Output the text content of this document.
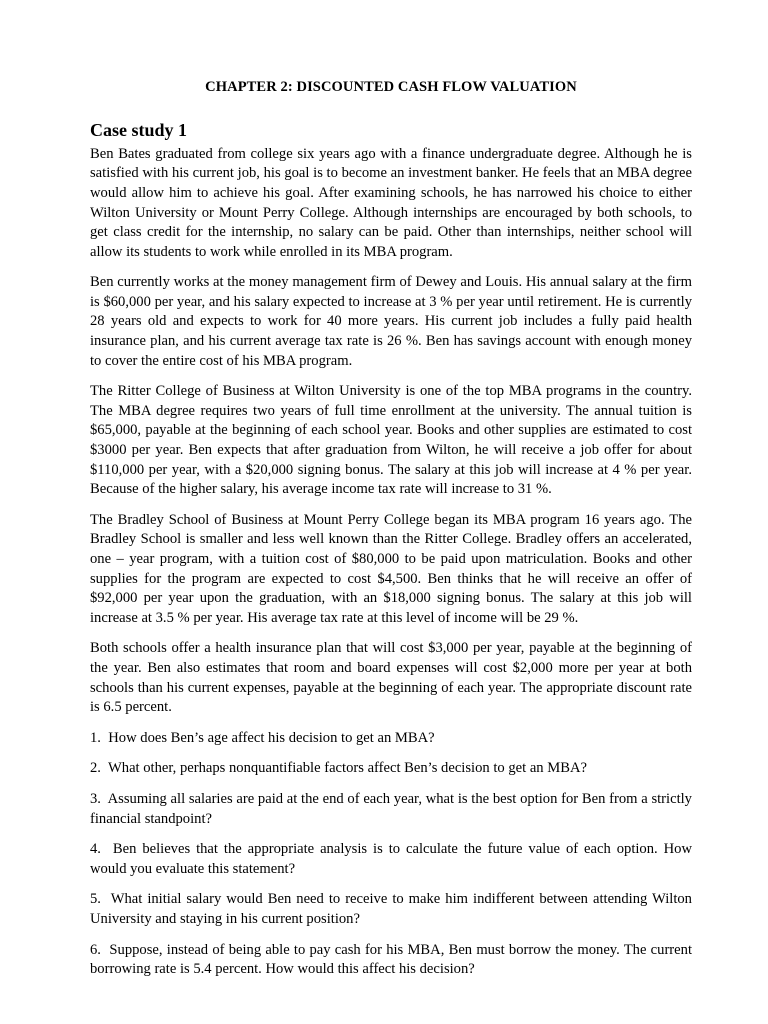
CHAPTER 2: DISCOUNTED CASH FLOW VALUATION
Case study 1

Ben Bates graduated from college six years ago with a finance undergraduate degree. Although he is satisfied with his current job, his goal is to become an investment banker. He feels that an MBA degree would allow him to achieve his goal. After examining schools, he has narrowed his choice to either Wilton University or Mount Perry College. Although internships are encouraged by both schools, to get class credit for the internship, no salary can be paid. Other than internships, neither school will allow its students to work while enrolled in its MBA program.

Ben currently works at the money management firm of Dewey and Louis. His annual salary at the firm is $60,000 per year, and his salary expected to increase at 3 % per year until retirement. He is currently 28 years old and expects to work for 40 more years. His current job includes a fully paid health insurance plan, and his current average tax rate is 26 %. Ben has savings account with enough money to cover the entire cost of his MBA program.

The Ritter College of Business at Wilton University is one of the top MBA programs in the country. The MBA degree requires two years of full time enrollment at the university. The annual tuition is $65,000, payable at the beginning of each school year. Books and other supplies are estimated to cost $3000 per year. Ben expects that after graduation from Wilton, he will receive a job offer for about $110,000 per year, with a $20,000 signing bonus. The salary at this job will increase at 4 % per year. Because of the higher salary, his average income tax rate will increase to 31 %.

The Bradley School of Business at Mount Perry College began its MBA program 16 years ago. The Bradley School is smaller and less well known than the Ritter College. Bradley offers an accelerated, one – year program, with a tuition cost of $80,000 to be paid upon matriculation. Books and other supplies for the program are expected to cost $4,500. Ben thinks that he will receive an offer of $92,000 per year upon the graduation, with an $18,000 signing bonus. The salary at this job will increase at 3.5 % per year. His average tax rate at this level of income will be 29 %.

Both schools offer a health insurance plan that will cost $3,000 per year, payable at the beginning of the year. Ben also estimates that room and board expenses will cost $2,000 more per year at both schools than his current expenses, payable at the beginning of each year. The appropriate discount rate is 6.5 percent.

1. How does Ben’s age affect his decision to get an MBA?
2. What other, perhaps nonquantifiable factors affect Ben’s decision to get an MBA?
3. Assuming all salaries are paid at the end of each year, what is the best option for Ben from a strictly financial standpoint?
4. Ben believes that the appropriate analysis is to calculate the future value of each option. How would you evaluate this statement?
5. What initial salary would Ben need to receive to make him indifferent between attending Wilton University and staying in his current position?
6. Suppose, instead of being able to pay cash for his MBA, Ben must borrow the money. The current borrowing rate is 5.4 percent. How would this affect his decision?
